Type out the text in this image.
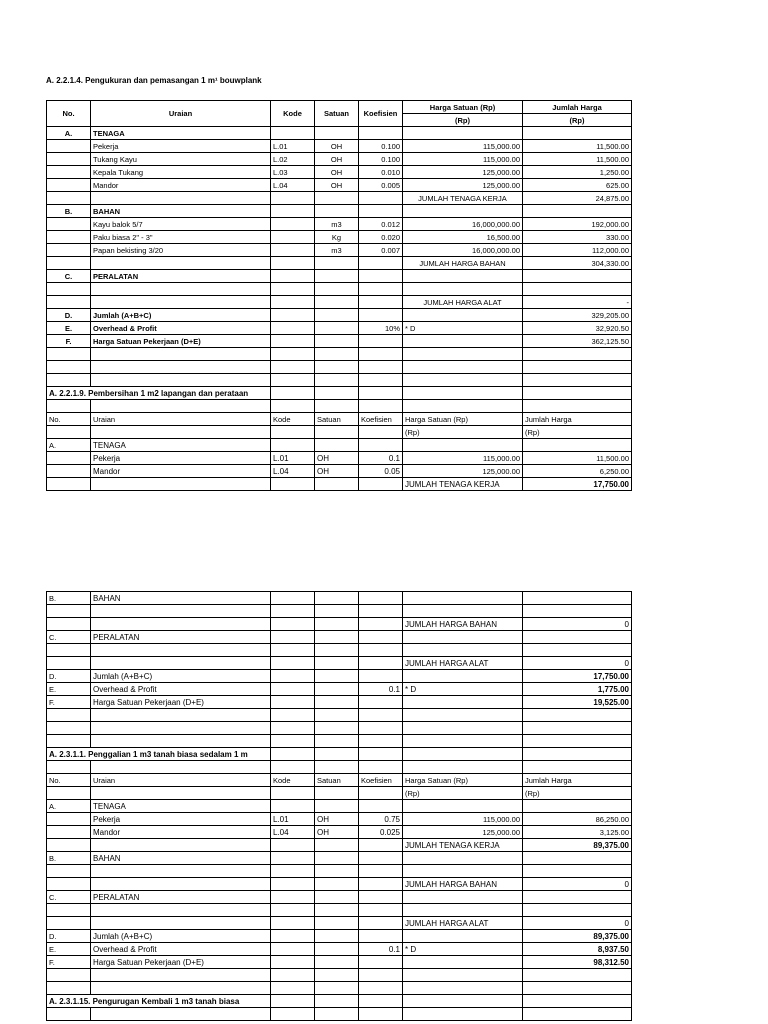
A. 2.2.1.4. Pengukuran dan pemasangan 1 m¹ bouwplank
No.	Uraian	Kode	Satuan	Koefisien	Harga Satuan (Rp)	Jumlah Harga
					(Rp)	(Rp)
A.	TENAGA					
	Pekerja	L.01	OH	0.100	115,000.00	11,500.00
	Tukang Kayu	L.02	OH	0.100	115,000.00	11,500.00
	Kepala Tukang	L.03	OH	0.010	125,000.00	1,250.00
	Mandor	L.04	OH	0.005	125,000.00	625.00
					JUMLAH TENAGA KERJA	24,875.00
B.	BAHAN					
	Kayu balok 5/7		m3	0.012	16,000,000.00	192,000.00
	Paku biasa 2" - 3"		Kg	0.020	16,500.00	330.00
	Papan bekisting 3/20		m3	0.007	16,000,000.00	112,000.00
					JUMLAH HARGA BAHAN	304,330.00
C.	PERALATAN					

					JUMLAH HARGA ALAT	-
D.	Jumlah (A+B+C)					329,205.00
E.	Overhead & Profit			10%	* D	32,920.50
F.	Harga Satuan Pekerjaan (D+E)					362,125.50

A. 2.2.1.9. Pembersihan 1 m2 lapangan dan perataan						

No.	Uraian	Kode	Satuan	Koefisien	Harga Satuan (Rp)	Jumlah Harga
					(Rp)	(Rp)
A.	TENAGA					
	Pekerja	L.01	OH	0.1	115,000.00	11,500.00
	Mandor	L.04	OH	0.05	125,000.00	6,250.00
					JUMLAH TENAGA KERJA	17,750.00
B.	BAHAN					

					JUMLAH HARGA BAHAN	0
C.	PERALATAN					

					JUMLAH HARGA ALAT	0
D.	Jumlah (A+B+C)					17,750.00
E.	Overhead & Profit			0.1	* D	1,775.00
F.	Harga Satuan Pekerjaan (D+E)					19,525.00

A. 2.3.1.1. Penggalian 1 m3 tanah biasa sedalam 1 m						

No.	Uraian	Kode	Satuan	Koefisien	Harga Satuan (Rp)	Jumlah Harga
					(Rp)	(Rp)
A.	TENAGA					
	Pekerja	L.01	OH	0.75	115,000.00	86,250.00
	Mandor	L.04	OH	0.025	125,000.00	3,125.00
					JUMLAH TENAGA KERJA	89,375.00
B.	BAHAN					

					JUMLAH HARGA BAHAN	0
C.	PERALATAN					

					JUMLAH HARGA ALAT	0
D.	Jumlah (A+B+C)					89,375.00
E.	Overhead & Profit			0.1	* D	8,937.50
F.	Harga Satuan Pekerjaan (D+E)					98,312.50

A. 2.3.1.15. Pengurugan Kembali 1 m3 tanah biasa						
